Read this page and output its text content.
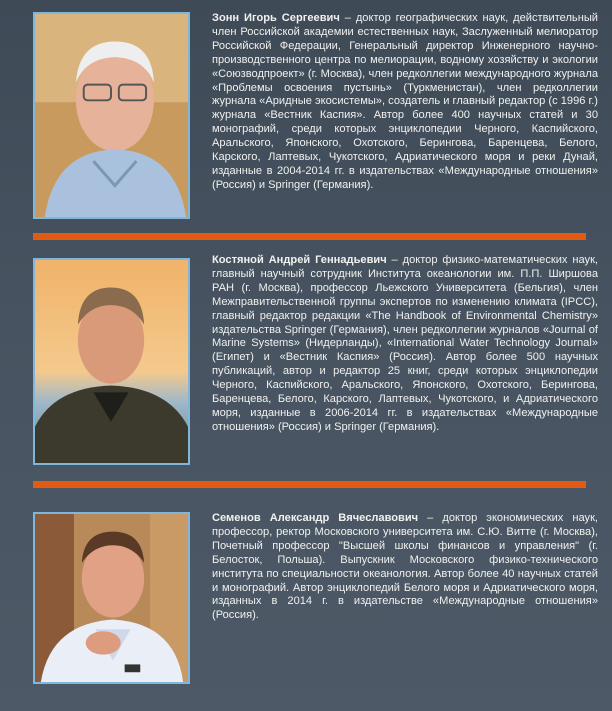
Зонн Игорь Сергеевич – доктор географических наук, действительный член Российской академии естественных наук, Заслуженный мелиоратор Российской Федерации, Генеральный директор Инженерного научно- производственного центра по мелиорации, водному хозяйству и экологии «Союзводпроект» (г. Москва), член редколлегии международного журнала «Проблемы освоения пустынь» (Туркменистан), член редколлегии журнала «Аридные экосистемы», создатель и главный редактор (с 1996 г.) журнала «Вестник Каспия». Автор более 400 научных статей и 30 монографий, среди которых энциклопедии Черного, Каспийского, Аральского, Японского, Охотского, Берингова, Баренцева, Белого, Карского, Лаптевых, Чукотского, Адриатического моря и реки Дунай, изданные в 2004-2014 гг. в издательствах «Международные отношения» (Россия) и Springer (Германия).

Костяной Андрей Геннадьевич – доктор физико-математических наук, главный научный сотрудник Института океанологии им. П.П. Ширшова РАН (г. Москва), профессор Льежского Университета (Бельгия), член Межправительственной группы экспертов по изменению климата (IPCC), главный редактор редакции «The Handbook of Environmental Chemistry» издательства Springer (Германия), член редколлегии журналов «Journal of Marine Systems» (Нидерланды), «International Water Technology Journal» (Египет) и «Вестник Каспия» (Россия). Автор более 500 научных публикаций, автор и редактор 25 книг, среди которых энциклопедии Черного, Каспийского, Аральского, Японского, Охотского, Берингова, Баренцева, Белого, Карского, Лаптевых, Чукотского, и Адриатического моря, изданные в 2006-2014 гг. в издательствах «Международные отношения» (Россия) и Springer (Германия).

Семенов Александр Вячеславович – доктор экономических наук, профессор, ректор Московского университета им. С.Ю. Витте (г. Москва), Почетный профессор "Высшей школы финансов и управления" (г. Белосток, Польша). Выпускник Московского физико-технического института по специальности океанология. Автор более 40 научных статей и монографий. Автор энциклопедий Белого моря и Адриатического моря, изданных в 2014 г. в издательстве «Международные отношения» (Россия).
